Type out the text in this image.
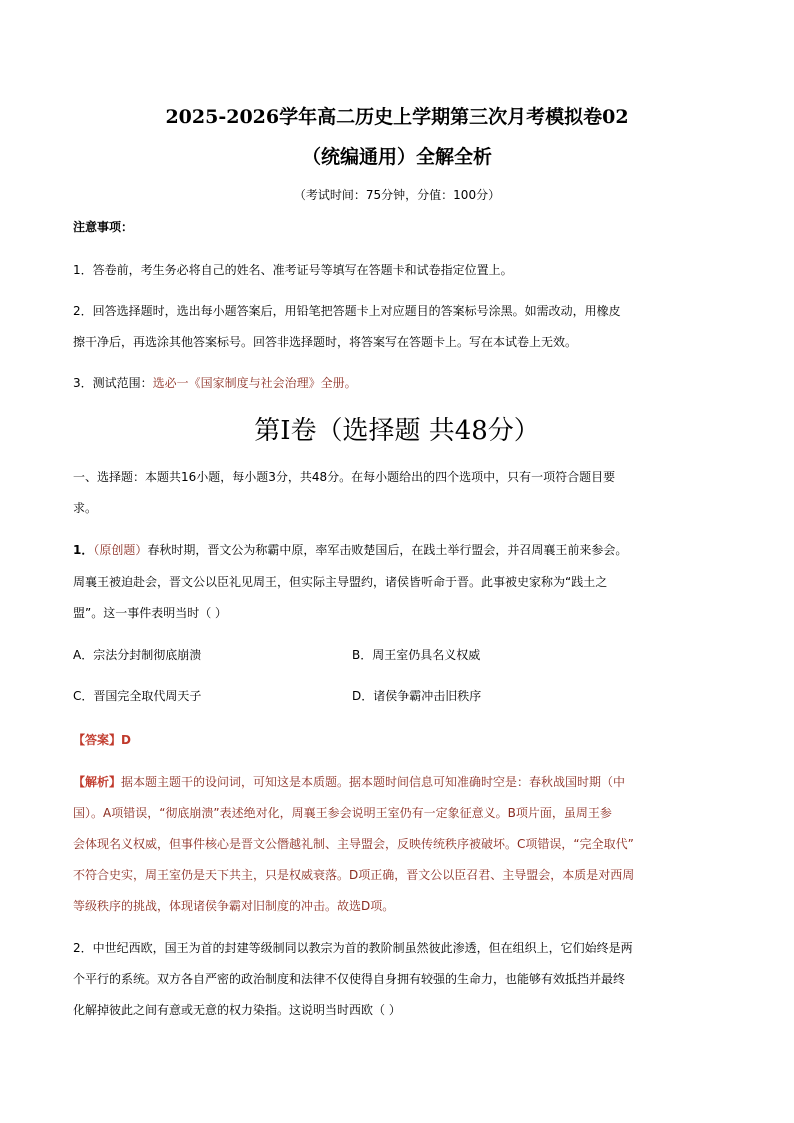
2025-2026学年高二历史上学期第三次月考模拟卷02
（统编通用）全解全析
（考试时间：75分钟，分值：100分）
注意事项：
1．答卷前，考生务必将自己的姓名、准考证号等填写在答题卡和试卷指定位置上。
2．回答选择题时，选出每小题答案后，用铅笔把答题卡上对应题目的答案标号涂黑。如需改动，用橡皮
擦干净后，再选涂其他答案标号。回答非选择题时，将答案写在答题卡上。写在本试卷上无效。
3．测试范围：选必一《国家制度与社会治理》全册。
第Ⅰ卷（选择题 共48分）
一、选择题：本题共16小题，每小题3分，共48分。在每小题给出的四个选项中，只有一项符合题目要
求。
1．（原创题）春秋时期，晋文公为称霸中原，率军击败楚国后，在践土举行盟会，并召周襄王前来参会。
周襄王被迫赴会，晋文公以臣礼见周王，但实际主导盟约，诸侯皆听命于晋。此事被史家称为“践土之
盟”。这一事件表明当时（ ）
A．宗法分封制彻底崩溃	B．周王室仍具名义权威
C．晋国完全取代周天子	D．诸侯争霸冲击旧秩序
【答案】D
【解析】据本题主题干的设问词，可知这是本质题。据本题时间信息可知准确时空是：春秋战国时期（中
国）。A项错误，“彻底崩溃”表述绝对化，周襄王参会说明王室仍有一定象征意义。B项片面，虽周王参
会体现名义权威，但事件核心是晋文公僭越礼制、主导盟会，反映传统秩序被破坏。C项错误，“完全取代”
不符合史实，周王室仍是天下共主，只是权威衰落。D项正确，晋文公以臣召君、主导盟会，本质是对西周
等级秩序的挑战，体现诸侯争霸对旧制度的冲击。故选D项。
2．中世纪西欧，国王为首的封建等级制同以教宗为首的教阶制虽然彼此渗透，但在组织上，它们始终是两
个平行的系统。双方各自严密的政治制度和法律不仅使得自身拥有较强的生命力，也能够有效抵挡并最终
化解掉彼此之间有意或无意的权力染指。这说明当时西欧（ ）
